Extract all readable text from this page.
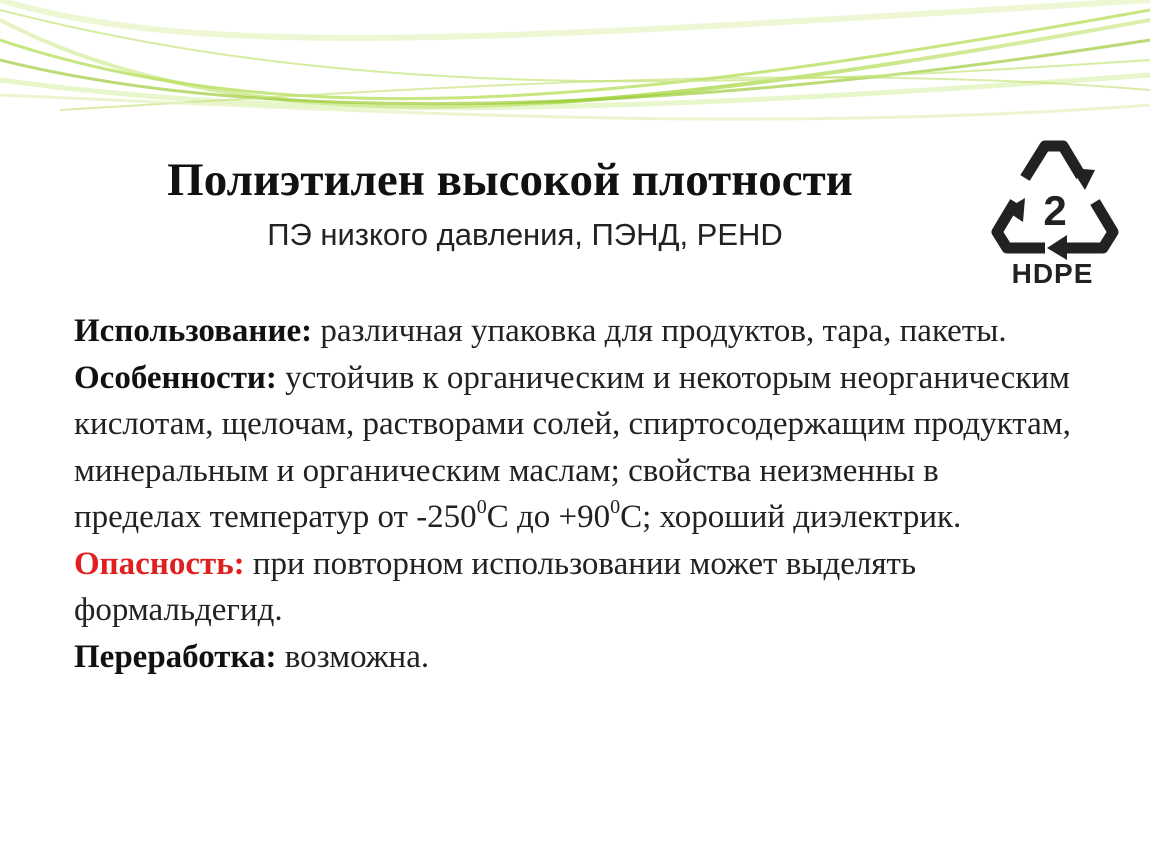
Полиэтилен высокой плотности
ПЭ низкого давления, ПЭНД, PEHD
2
HDPE

Использование: различная упаковка для продуктов, тара, пакеты.

Особенности: устойчив к органическим и некоторым неорганическим кислотам, щелочам, растворами солей, спиртосодержащим продуктам, минеральным и органическим маслам; свойства неизменны в пределах температур от $-250^0С$ до $+90^0С$; хороший диэлектрик.

Опасность: при повторном использовании может выделять формальдегид.

Переработка: возможна.
